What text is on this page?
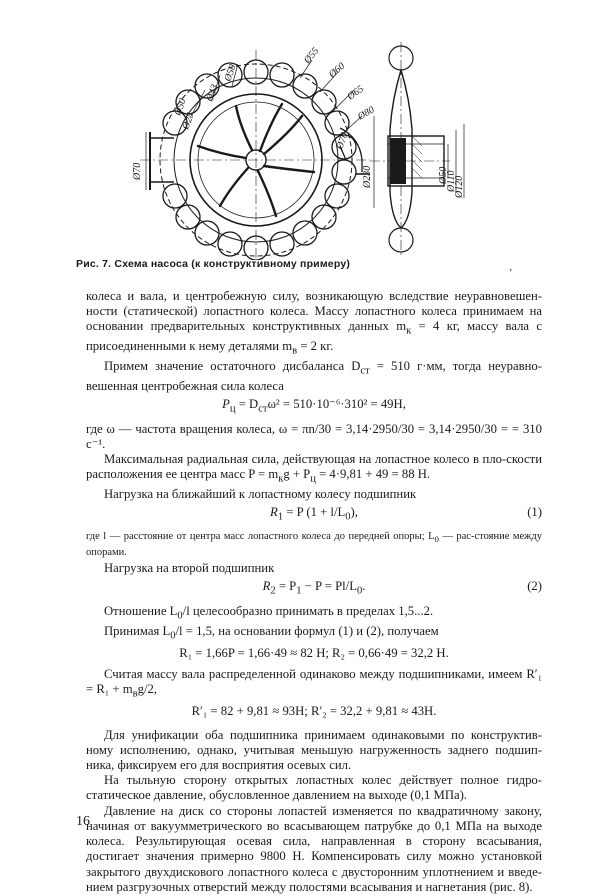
Ø70
Ø25
Ø50
Ø43
Ø50
Ø55
Ø60
Ø65
Ø70
Ø80
Ø230	Ø50
Ø110
Ø120
Рис. 7. Схема насоса (к конструктивному примеру)
ʼ

колеса и вала, и центробежную силу, возникающую вследствие неуравновешен-ности (статической) лопастного колеса. Массу лопастного колеса принимаем на основании предварительных конструктивных данных $m_к = 4$ кг, массу вала с присоединенными к нему деталями $m_в = 2$ кг.

Примем значение остаточного дисбаланса $D_{ст} = 510$ г·мм, тогда неуравно-вешенная центробежная сила колеса

$P_ц = D_{ст}\omega^2 = 510\cdot 10^{-6}\cdot 310^2 = 49Н$,

где ω — частота вращения колеса, ω = πn/30 = 3,14·2950/30 = 3,14·2950/30 = = 310 с⁻¹.

Максимальная радиальная сила, действующая на лопастное колесо в пло-скости расположения ее центра масс $P = m_кg + P_ц = 4\cdot 9,81 + 49 = 88$ Н.

Нагрузка на ближайший к лопастному колесу подшипник

$R_1 = P$ $(1 + l/L_0)$,	(1)

где l — расстояние от центра масс лопастного колеса до передней опоры; $L_0$ — рас-стояние между опорами.

Нагрузка на второй подшипник

$R_2 = P_1 - P = Pl/L_0$.	(2)

Отношение $L_0/l$ целесообразно принимать в пределах 1,5...2.

Принимая $L_0/l = 1,5$, на основании формул (1) и (2), получаем

R₁ = 1,66P = 1,66·49 ≈ 82 Н; R₂ = 0,66·49 = 32,2 Н.

Считая массу вала распределенной одинаково между подшипниками, имеем $R'_1 = R_1 + m_вg/2$,

R′₁ = 82 + 9,81 ≈ 93Н; R′₂ = 32,2 + 9,81 ≈ 43Н.

Для унификации оба подшипника принимаем одинаковыми по конструктив-ному исполнению, однако, учитывая меньшую нагруженность заднего подшип-ника, фиксируем его для восприятия осевых сил.

На тыльную сторону открытых лопастных колес действует полное гидро-статическое давление, обусловленное давлением на выходе (0,1 МПа).

Давление на диск со стороны лопастей изменяется по квадратичному закону, начиная от вакуумметрического во всасывающем патрубке до 0,1 МПа на выходе колеса. Результирующая осевая сила, направленная в сторону всасывания, достигает значения примерно 9800 Н. Компенсировать силу можно установкой закрытого двухдискового лопастного колеса с двусторонним уплотнением и введе-нием разгрузочных отверстий между полостями всасывания и нагнетания (рис. 8).

16
